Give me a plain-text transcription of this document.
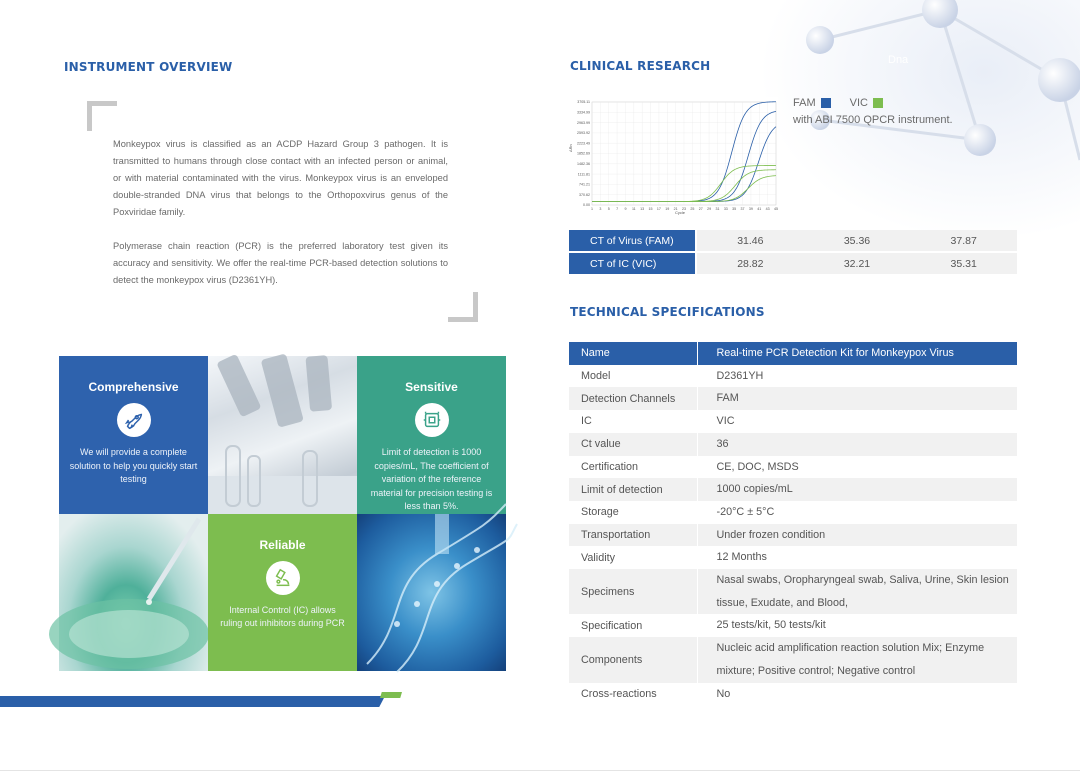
Dna
INSTRUMENT OVERVIEW

Monkeypox virus is classified as an ACDP Hazard Group 3 pathogen. It is transmitted to humans through close contact with an infected person or animal, or with material contaminated with the virus. Monkeypox virus is an enveloped double-stranded DNA virus that belongs to the Orthopoxvirus genus of the Poxviridae family.

Polymerase chain reaction (PCR) is the preferred laboratory test given its accuracy and sensitivity. We offer the real-time PCR-based detection solutions to detect the monkeypox virus (D2361YH).

Comprehensive
We will provide a complete solution to help you quickly start testing
Sensitive
Limit of detection is 1000 copies/mL, The coefficient of variation of the reference material for precision testing is less than 5%.
Reliable
Internal Control (IC) allows ruling out inhibitors during PCR
CLINICAL RESEARCH
3705.11
3334.99
2963.99
2593.92
2223.49
1852.69
1482.36
1111.81
741.21
370.62
0.00
1 3 5 7 9 11 13 15 17 19 21 23 25 27 29 31 33 35 37 39 41 43 45
ΔRn
Cycle
FAM	VIC
with ABI 7500 QPCR instrument.
CT of Virus (FAM)	31.46	35.36	37.87
CT of IC (VIC)	28.82	32.21	35.31
TECHNICAL SPECIFICATIONS
Name	Real-time PCR Detection Kit for Monkeypox Virus
Model	D2361YH
Detection Channels	FAM
IC	VIC
Ct value	36
Certification	CE, DOC, MSDS
Limit of detection	1000 copies/mL
Storage	-20°C ± 5°C
Transportation	Under frozen condition
Validity	12 Months
Specimens	Nasal swabs, Oropharyngeal swab, Saliva, Urine, Skin lesion tissue, Exudate, and Blood,
Specification	25 tests/kit, 50 tests/kit
Components	Nucleic acid amplification reaction solution Mix; Enzyme mixture; Positive control; Negative control
Cross-reactions	No
